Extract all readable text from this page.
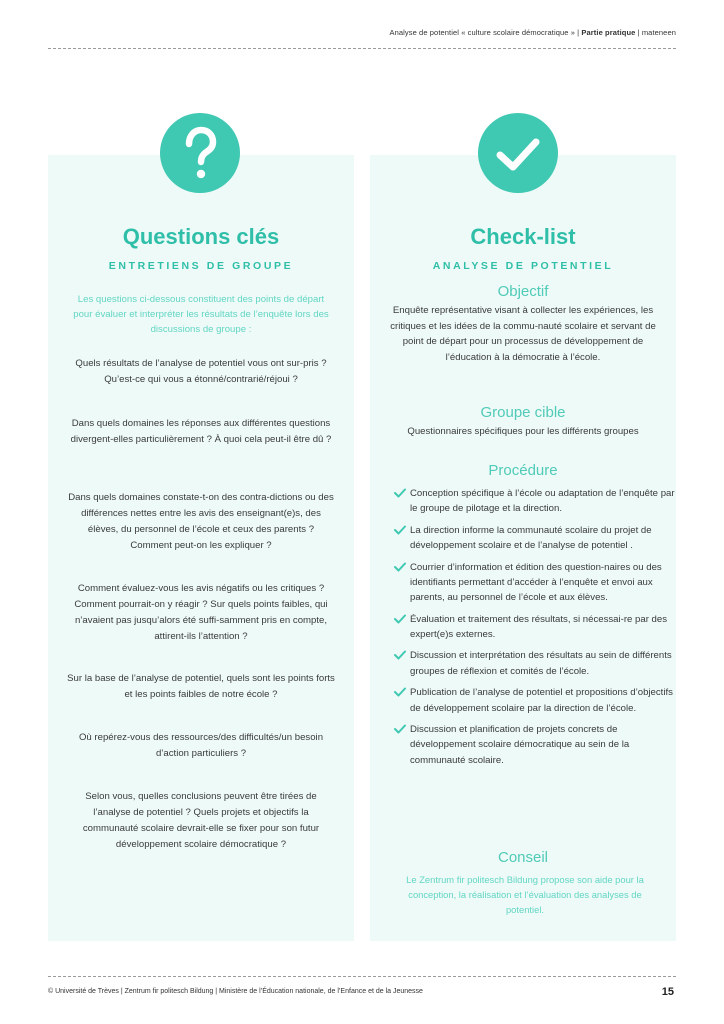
Analyse de potentiel « culture scolaire démocratique » | Partie pratique | mateneen
Questions clés
ENTRETIENS DE GROUPE
Les questions ci-dessous constituent des points de départ pour évaluer et interpréter les résultats de l’enquête lors des discussions de groupe :
Quels résultats de l’analyse de potentiel vous ont sur-pris ? Qu’est-ce qui vous a étonné/contrarié/réjoui ?
Dans quels domaines les réponses aux différentes questions divergent-elles particulièrement ? À quoi cela peut-il être dû ?
Dans quels domaines constate-t-on des contra-dictions ou des différences nettes entre les avis des enseignant(e)s, des élèves, du personnel de l’école et ceux des parents ? Comment peut-on les expliquer ?
Comment évaluez-vous les avis négatifs ou les critiques ? Comment pourrait-on y réagir ? Sur quels points faibles, qui n’avaient pas jusqu’alors été suffi-samment pris en compte, attirent-ils l’attention ?
Sur la base de l’analyse de potentiel, quels sont les points forts et les points faibles de notre école ?
Où repérez-vous des ressources/des difficultés/un besoin d’action particuliers ?
Selon vous, quelles conclusions peuvent être tirées de l’analyse de potentiel ? Quels projets et objectifs la communauté scolaire devrait-elle se fixer pour son futur développement scolaire démocratique ?
Check-list
ANALYSE DE POTENTIEL
Objectif
Enquête représentative visant à collecter les expériences, les critiques et les idées de la commu-nauté scolaire et servant de point de départ pour un processus de développement de l’éducation à la démocratie à l’école.
Groupe cible
Questionnaires spécifiques pour les différents groupes
Procédure
Conception spécifique à l’école ou adaptation de l’enquête par le groupe de pilotage et la direction.
La direction informe la communauté scolaire du projet de développement scolaire et de l’analyse de potentiel .
Courrier d’information et édition des question-naires ou des identifiants permettant d’accéder à l’enquête et envoi aux parents, au personnel de l’école et aux élèves.
Évaluation et traitement des résultats, si nécessai-re par des expert(e)s externes.
Discussion et interprétation des résultats au sein de différents groupes de réflexion et comités de l’école.
Publication de l’analyse de potentiel et propositions d’objectifs de développement scolaire par la direction de l’école.
Discussion et planification de projets concrets de développement scolaire démocratique au sein de la communauté scolaire.
Conseil
Le Zentrum fir politesch Bildung propose son aide pour la conception, la réalisation et l’évaluation des analyses de potentiel.
© Université de Trèves | Zentrum fir politesch Bildung | Ministère de l’Éducation nationale, de l’Enfance et de la Jeunesse	15
